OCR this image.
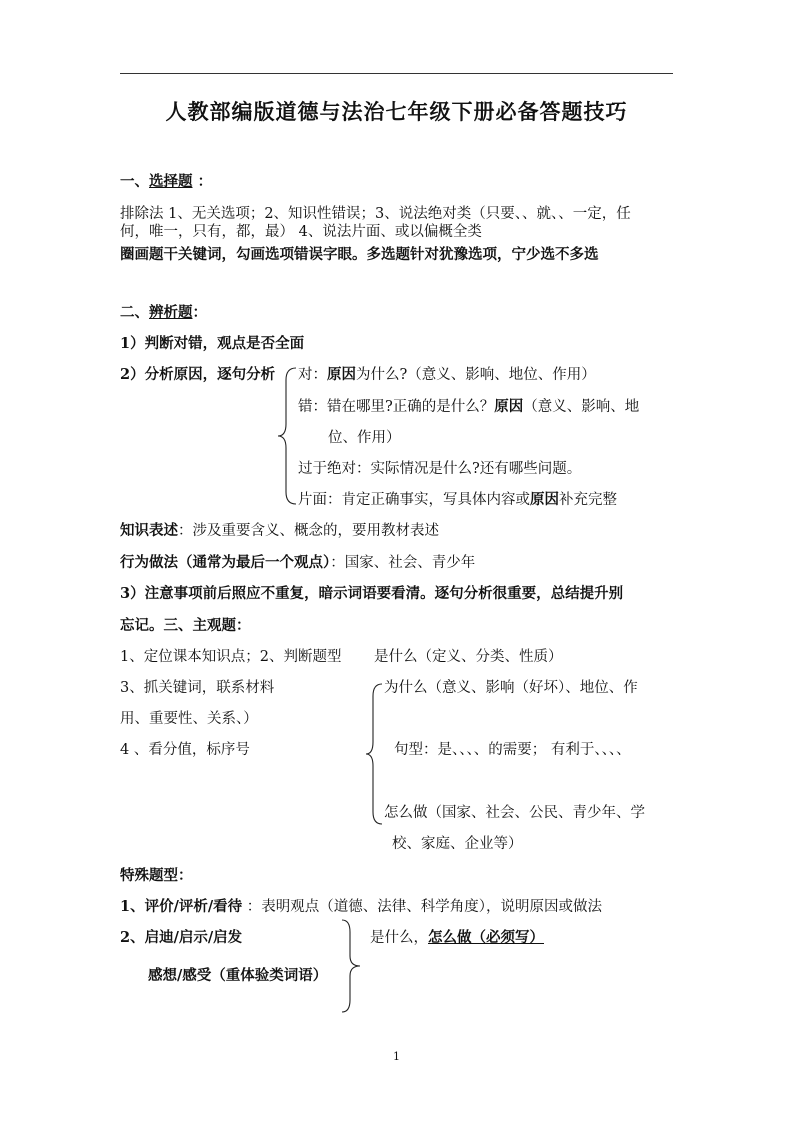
人教部编版道德与法治七年级下册必备答题技巧
一、选择题 ：
排除法 1、无关选项；2、知识性错误；3、说法绝对类（只要、、就、、一定，任
何，唯一，只有，都，最） 4、说法片面、或以偏概全类
圈画题干关键词，勾画选项错误字眼。多选题针对犹豫选项，宁少选不多选
二、辨析题：
1）判断对错，观点是否全面
2）分析原因，逐句分析 对：原因为什么?（意义、影响、地位、作用）
错：错在哪里?正确的是什么？原因（意义、影响、地
位、作用）
过于绝对：实际情况是什么?还有哪些问题。
片面：肯定正确事实，写具体内容或原因补充完整
知识表述：涉及重要含义、概念的，要用教材表述
行为做法（通常为最后一个观点）：国家、社会、青少年
3）注意事项前后照应不重复，暗示词语要看清。逐句分析很重要，总结提升别
忘记。三、主观题：
1、定位课本知识点；2、判断题型 是什么（定义、分类、性质）
3、抓关键词，联系材料	为什么（意义、影响（好坏）、地位、作
用、重要性、关系、）
4 、看分值，标序号	句型：是、、、、的需要； 有利于、、、、
怎么做（国家、社会、公民、青少年、学
校、家庭、企业等）
特殊题型：
1、评价/评析/看待 ：表明观点（道德、法律、科学角度），说明原因或做法
2、启迪/启示/启发	是什么，怎么做（必须写）
感想/感受（重体验类词语）
1
